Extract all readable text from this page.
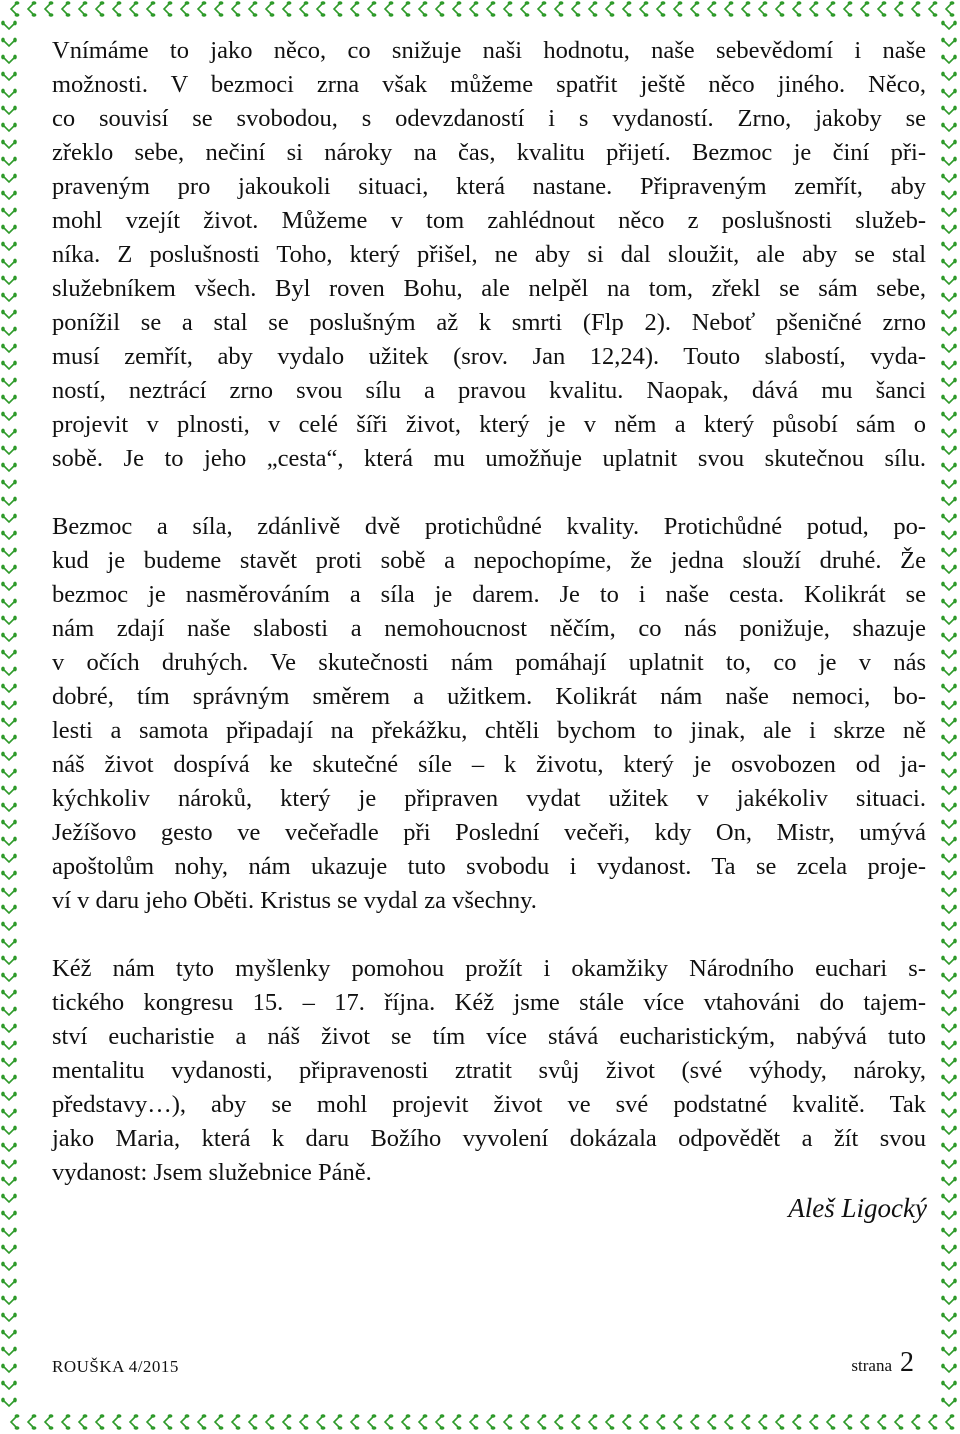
Vnímáme to jako něco, co snižuje naši hodnotu, naše sebevědomí i naše
možnosti. V bezmoci zrna však můžeme spatřit ještě něco jiného. Něco,
co souvisí se svobodou, s odevzdaností i s vydaností. Zrno, jakoby se
zřeklo sebe, nečiní si nároky na čas, kvalitu přijetí. Bezmoc je činí při-
praveným pro jakoukoli situaci, která nastane. Připraveným zemřít, aby
mohl vzejít život. Můžeme v tom zahlédnout něco z poslušnosti služeb-
níka. Z poslušnosti Toho, který přišel, ne aby si dal sloužit, ale aby se stal
služebníkem všech. Byl roven Bohu, ale nelpěl na tom, zřekl se sám sebe,
ponížil se a stal se poslušným až k smrti (Flp 2). Neboť pšeničné zrno
musí zemřít, aby vydalo užitek (srov. Jan 12,24). Touto slabostí, vyda-
ností, neztrácí zrno svou sílu a pravou kvalitu. Naopak, dává mu šanci
projevit v plnosti, v celé šíři život, který je v něm a který působí sám o
sobě. Je to jeho „cesta“, která mu umožňuje uplatnit svou skutečnou sílu.
Bezmoc a síla, zdánlivě dvě protichůdné kvality. Protichůdné potud, po-
kud je budeme stavět proti sobě a nepochopíme, že jedna slouží druhé. Že
bezmoc je nasměrováním a síla je darem. Je to i naše cesta. Kolikrát se
nám zdají naše slabosti a nemohoucnost něčím, co nás ponižuje, shazuje
v očích druhých. Ve skutečnosti nám pomáhají uplatnit to, co je v nás
dobré, tím správným směrem a užitkem. Kolikrát nám naše nemoci, bo-
lesti a samota připadají na překážku, chtěli bychom to jinak, ale i skrze ně
náš život dospívá ke skutečné síle – k životu, který je osvobozen od ja-
kýchkoliv nároků, který je připraven vydat užitek v jakékoliv situaci.
Ježíšovo gesto ve večeřadle při Poslední večeři, kdy On, Mistr, umývá
apoštolům nohy, nám ukazuje tuto svobodu i vydanost. Ta se zcela proje-
ví v daru jeho Oběti. Kristus se vydal za všechny.
Kéž nám tyto myšlenky pomohou prožít i okamžiky Národního euchari s-
tického kongresu 15. – 17. října. Kéž jsme stále více vtahováni do tajem-
ství eucharistie a náš život se tím více stává eucharistickým, nabývá tuto
mentalitu vydanosti, připravenosti ztratit svůj život (své výhody, nároky,
představy…), aby se mohl projevit život ve své podstatné kvalitě. Tak
jako Maria, která k daru Božího vyvolení dokázala odpovědět a žít svou
vydanost: Jsem služebnice Páně.
Aleš Ligocký
ROUŠKA 4/2015	strana 2
